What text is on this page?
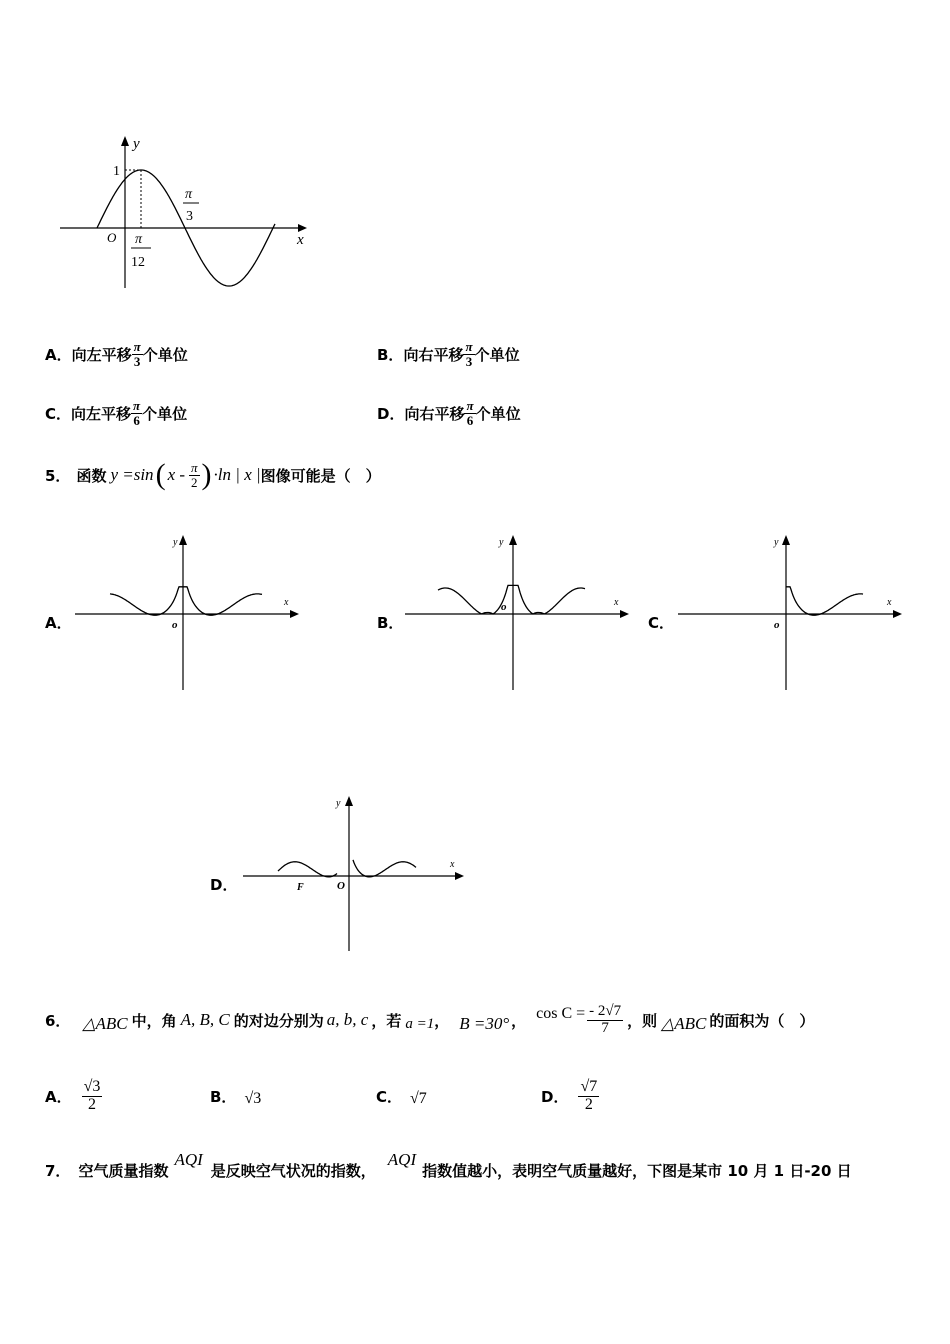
y
x
O
1
π
12
π
3
A． 向左平移 $\frac{\pi}{3}$ 个单位	B． 向右平移 $\frac{\pi}{3}$ 个单位
C． 向左平移 $\frac{\pi}{6}$ 个单位	D． 向右平移 $\frac{\pi}{6}$ 个单位
5． 函数 y =sin ( x - $\frac{\pi}{2}$ ) ·ln | x | 图像可能是（　）
A．
y
x
o	B．
y
x
o
C．
y
x
o
D．
y
x
O
F
6． △ABC 中，角 A, B, C 的对边分别为 a, b, c ，若 a =1 ， B =30° ， $\cos C = \frac{- 2√7}{7}$ ，则 △ABC 的面积为（　）
A． $\frac{√3}{2}$	B． √3	C． √7	D． $\frac{√7}{2}$
7． 空气质量指数
AQI
是反映空气状况的指数，
AQI
指数值越小，表明空气质量越好，下图是某市 10 月 1 日-20 日
